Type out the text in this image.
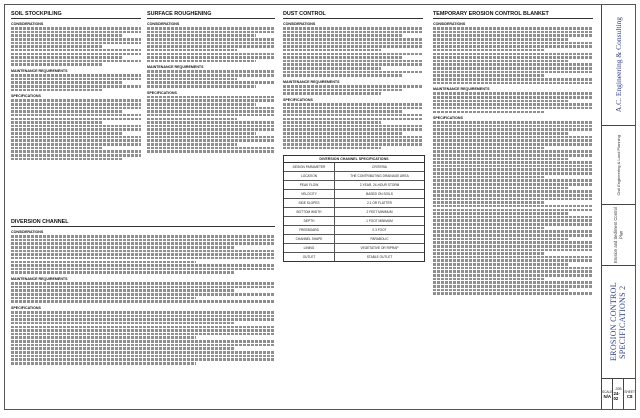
SOIL STOCKPILING
CONSIDERATIONS
MAINTENANCE REQUIREMENTS
SPECIFICATIONS
SURFACE ROUGHENING
CONSIDERATIONS
MAINTENANCE REQUIREMENTS
SPECIFICATIONS
DIVERSION CHANNEL
CONSIDERATIONS
MAINTENANCE REQUIREMENTS
SPECIFICATIONS
DUST CONTROL
CONSIDERATIONS
MAINTENANCE REQUIREMENTS
SPECIFICATIONS
DIVERSION CHANNEL SPECIFICATIONS
DESIGN PARAMETER	CRITERIA
LOCATION	THE CONTRIBUTING DRAINAGE AREA
PEAK FLOW	2-YEAR, 24-HOUR STORM
VELOCITY	BASED ON SOILS
SIDE SLOPES	2:1 OR FLATTER
BOTTOM WIDTH	2 FEET MINIMUM
DEPTH	1 FOOT MINIMUM
FREEBOARD	0.3 FOOT
CHANNEL SHAPE	PARABOLIC
LINING	VEGETATIVE OR RIPRAP
OUTLET	STABLE OUTLET
TEMPORARY EROSION CONTROL BLANKET
CONSIDERATIONS
MAINTENANCE REQUIREMENTS
SPECIFICATIONS
A.C. Engineering & Consulting
Civil Engineering & Land Planning
Erosion and Sediment Control Plan
EROSION CONTROL SPECIFICATIONS 2
SCALE
N/A
JOB
24-02
SHEET
C8
